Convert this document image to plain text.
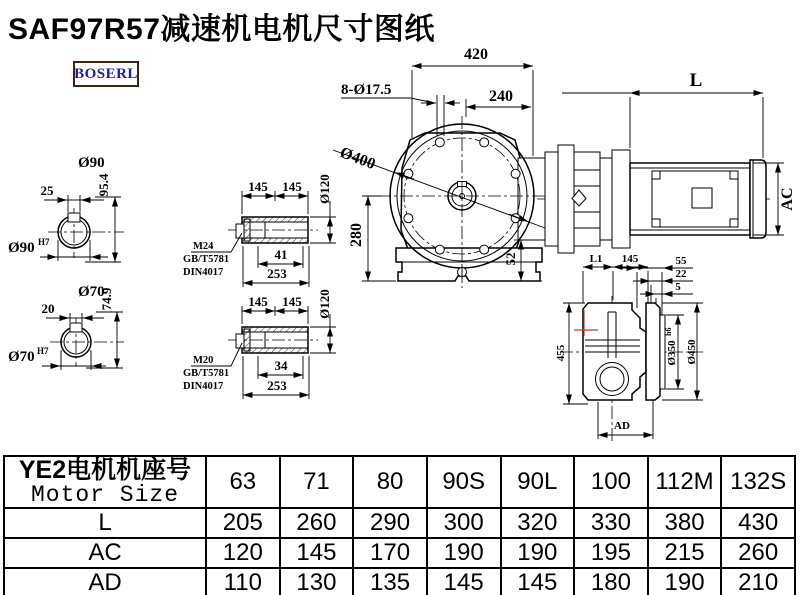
SAF97R57减速机电机尺寸图纸
BOSERL
Ø90
25	95.4
Ø90 H7
Ø70
20	74.9
Ø70 H7
145 145 Ø120
41
253
M24
GB/T5781
DIN4017
145 145 Ø120
34
253
M20
GB/T5781
DIN4017
420
240
8-Ø17.5
Ø400
280
52
L
AC
L1 145	55
22
5
455	Ø350
h6
Ø450
AD
YE2电机机座号
Motor Size	63	71	80	90S	90L	100	112M	132S
L	205	260	290	300	320	330	380	430
AC	120	145	170	190	190	195	215	260
AD	110	130	135	145	145	180	190	210
